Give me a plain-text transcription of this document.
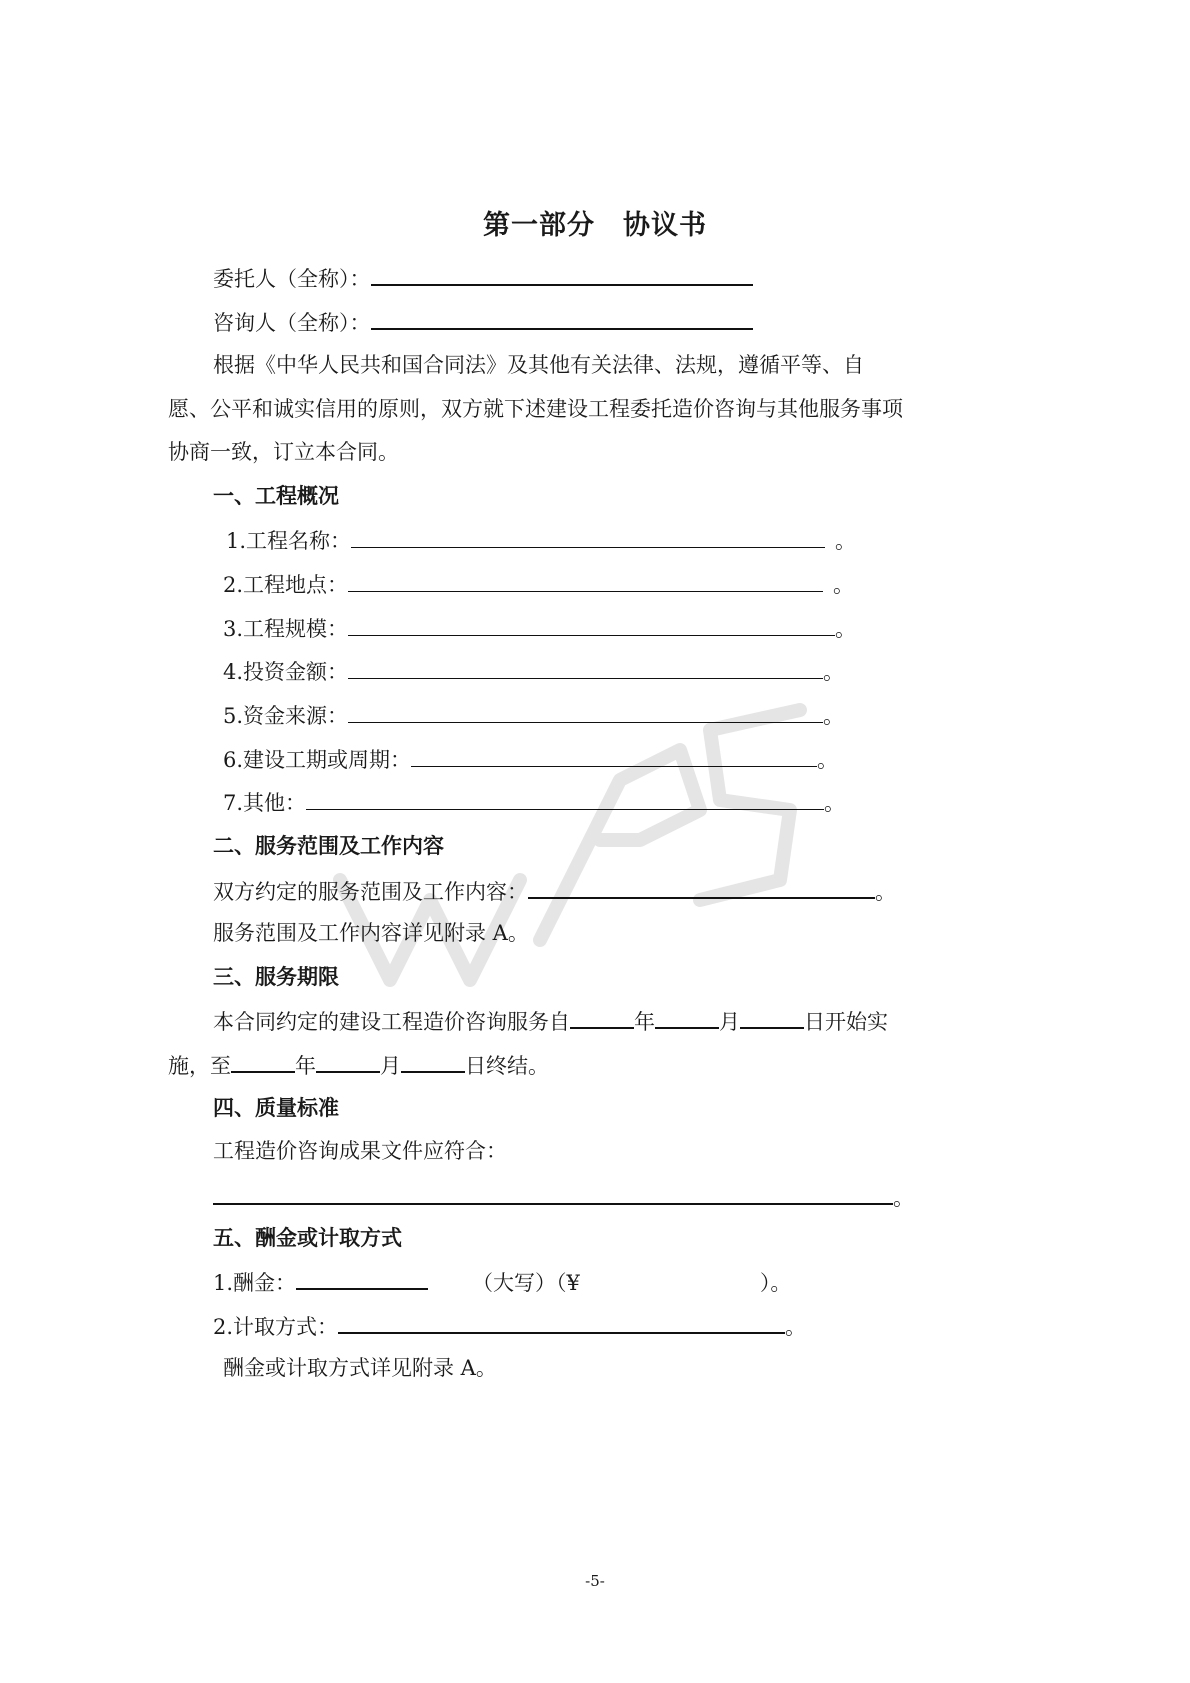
第一部分　协议书
委托人（全称）：
咨询人（全称）：
根据《中华人民共和国合同法》及其他有关法律、法规，遵循平等、自
愿、公平和诚实信用的原则，双方就下述建设工程委托造价咨询与其他服务事项
协商一致，订立本合同。
一、工程概况
1.工程名称：	。
2.工程地点：	。
3.工程规模：	。
4.投资金额：	。
5.资金来源：	。
6.建设工期或周期：	。
7.其他：	。
二、服务范围及工作内容
双方约定的服务范围及工作内容：	。
服务范围及工作内容详见附录 A。
三、服务期限
本合同约定的建设工程造价咨询服务自	年	月	日开始实
施，至	年	月	日终结。
四、质量标准
工程造价咨询成果文件应符合：
。
五、酬金或计取方式
1.酬金：	（大写）（¥	）。
2.计取方式：	。
酬金或计取方式详见附录 A。
-5-
